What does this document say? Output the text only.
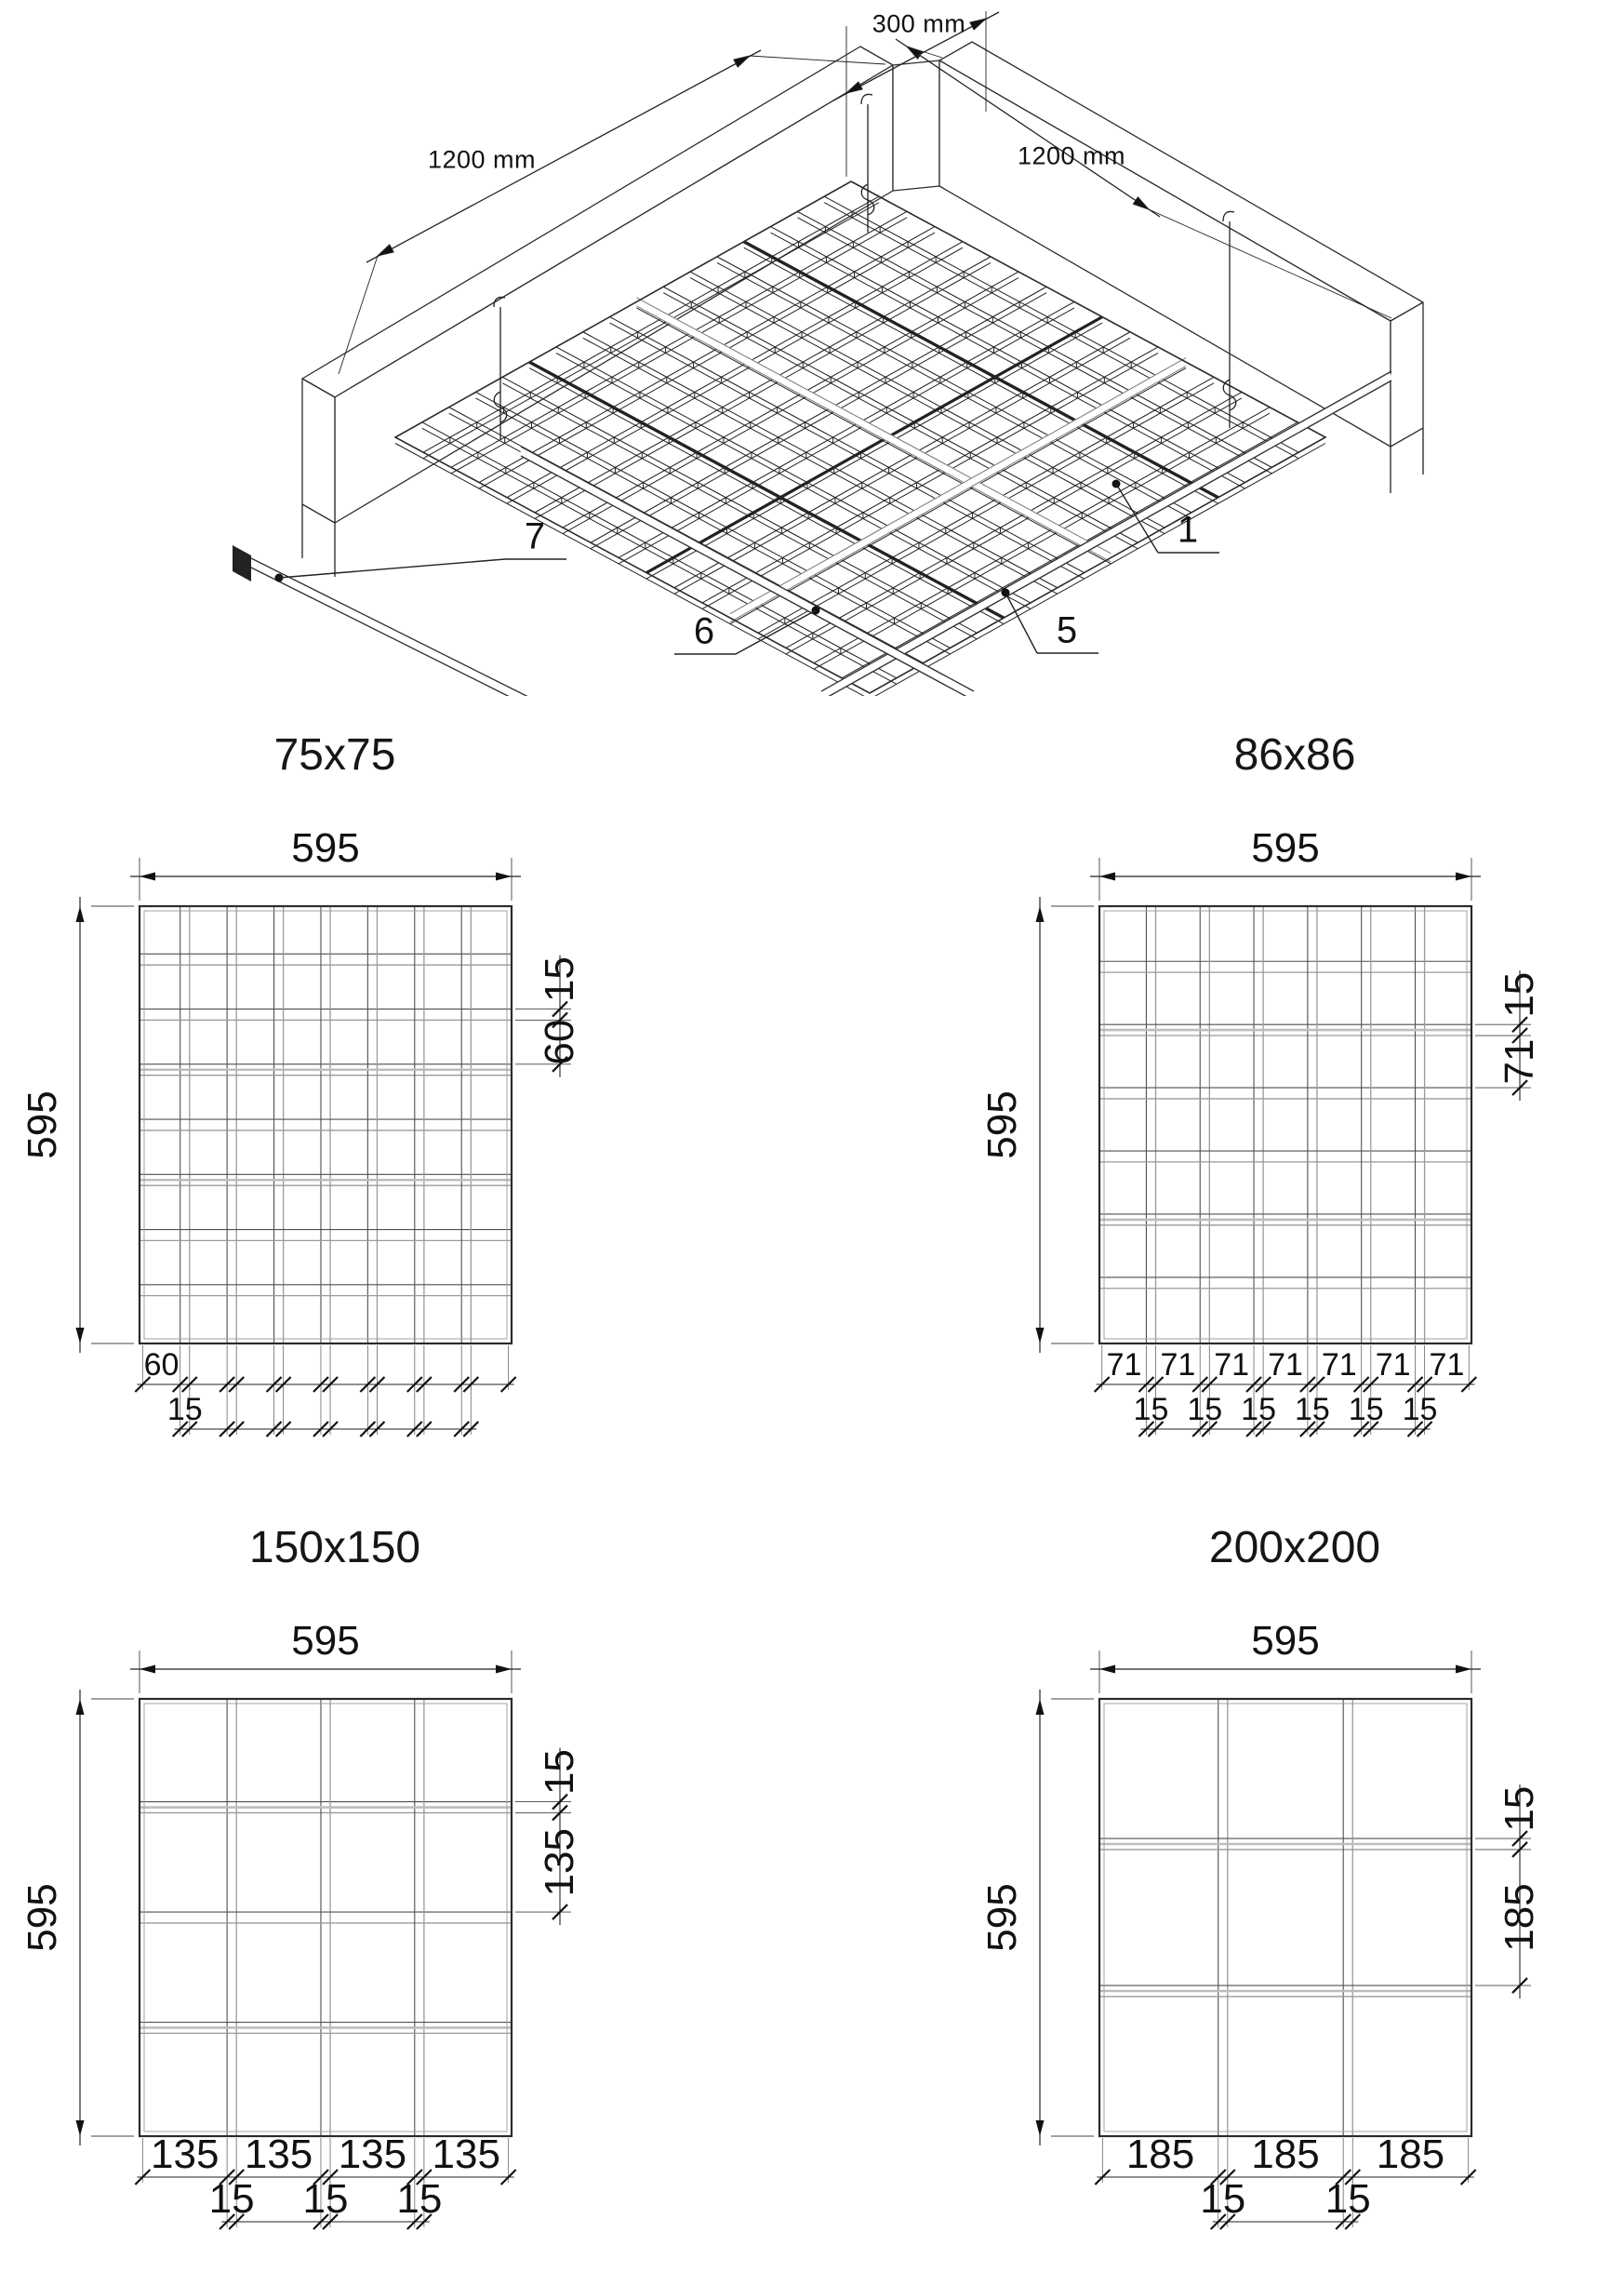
1200 mm
300 mm
1200 mm
7
6	5
1
75x75
595
595
15
60
60
15
86x86
595
595
15
71
71 71 71 71 71 71 71
15 15 15 15 15 15
150x150
595
595
15
135
135 135 135 135
15 15 15
200x200
595
595
15
185
185 185 185
15 15
